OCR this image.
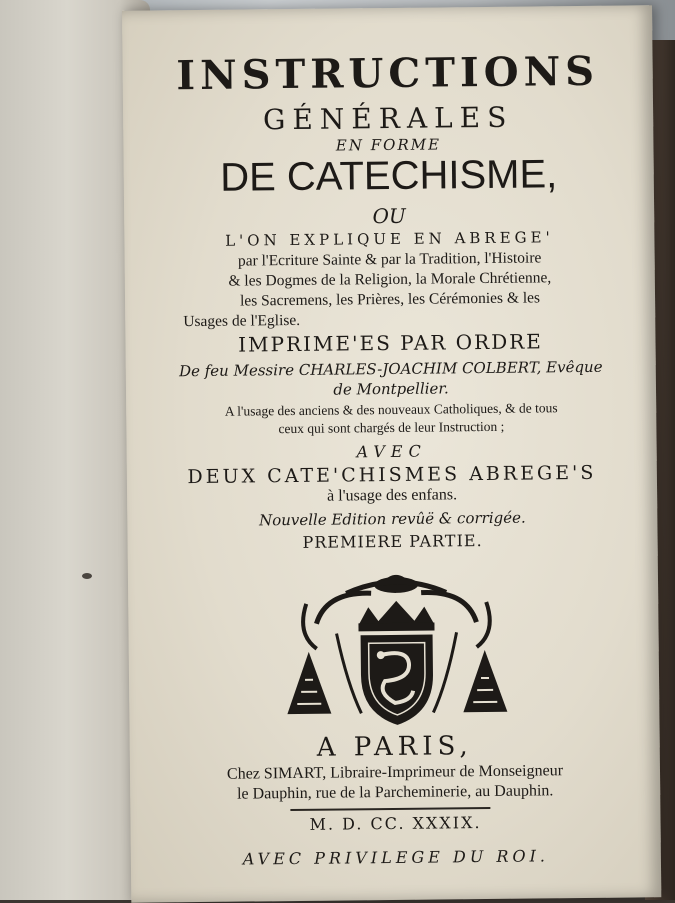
INSTRUCTIONS
GÉNÉRALES
EN FORME
DE CATECHISME,
OU
L'ON EXPLIQUE EN ABREGE'
par l'Ecriture Sainte & par la Tradition, l'Histoire
& les Dogmes de la Religion, la Morale Chrétienne,
les Sacremens, les Prières, les Cérémonies & les
Usages de l'Eglise.
IMPRIME'ES PAR ORDRE
De feu Messire CHARLES-JOACHIM COLBERT, Evêque
de Montpellier.
A l'usage des anciens & des nouveaux Catholiques, & de tous
ceux qui sont chargés de leur Instruction ;
AVEC
DEUX CATE'CHISMES ABREGE'S
à l'usage des enfans.
Nouvelle Edition revûë & corrigée.
PREMIERE PARTIE.
A PARIS,
Chez SIMART, Libraire-Imprimeur de Monseigneur
le Dauphin, rue de la Parcheminerie, au Dauphin.
M. D. CC. XXXIX.
AVEC PRIVILEGE DU ROI.
